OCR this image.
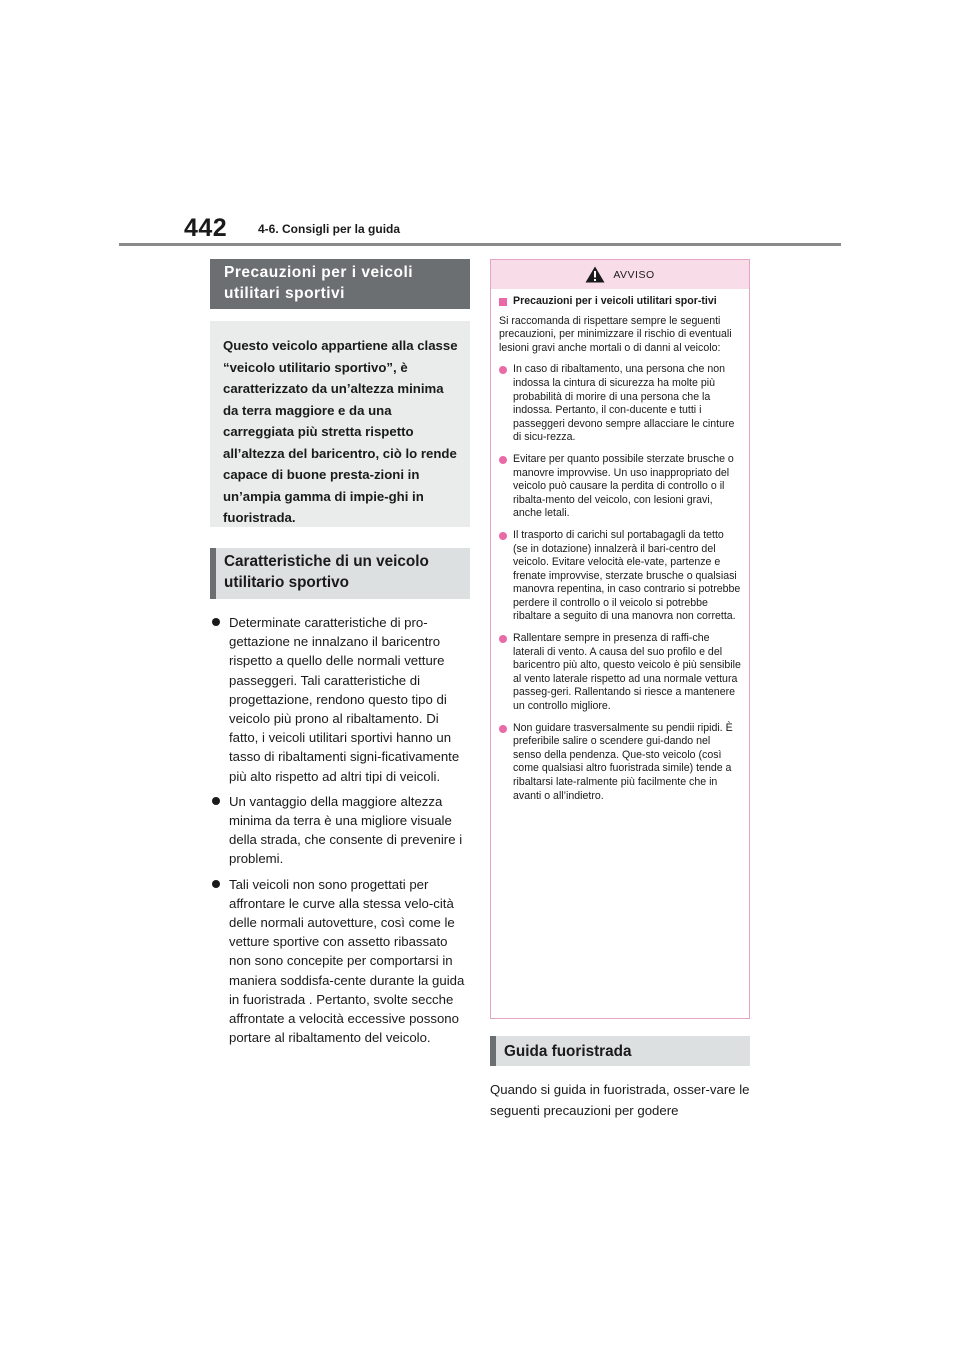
442	4-6. Consigli per la guida
Precauzioni per i veicoli utilitari sportivi
Questo veicolo appartiene alla classe “veicolo utilitario sportivo”, è caratterizzato da un’altezza minima da terra maggiore e da una carreggiata più stretta rispetto all’altezza del baricentro, ciò lo rende capace di buone presta-zioni in un’ampia gamma di impie-ghi in fuoristrada.
Caratteristiche di un veicolo utilitario sportivo
Determinate caratteristiche di pro-gettazione ne innalzano il baricentro rispetto a quello delle normali vetture passeggeri. Tali caratteristiche di progettazione, rendono questo tipo di veicolo più prono al ribaltamento. Di fatto, i veicoli utilitari sportivi hanno un tasso di ribaltamenti signi-ficativamente più alto rispetto ad altri tipi di veicoli.
Un vantaggio della maggiore altezza minima da terra è una migliore visuale della strada, che consente di prevenire i problemi.
Tali veicoli non sono progettati per affrontare le curve alla stessa velo-cità delle normali autovetture, così come le vetture sportive con assetto ribassato non sono concepite per comportarsi in maniera soddisfa-cente durante la guida in fuoristrada . Pertanto, svolte secche affrontate a velocità eccessive possono portare al ribaltamento del veicolo.
AVVISO
Precauzioni per i veicoli utilitari spor-tivi
Si raccomanda di rispettare sempre le seguenti precauzioni, per minimizzare il rischio di eventuali lesioni gravi anche mortali o di danni al veicolo:
In caso di ribaltamento, una persona che non indossa la cintura di sicurezza ha molte più probabilità di morire di una persona che la indossa. Pertanto, il con-ducente e tutti i passeggeri devono sempre allacciare le cinture di sicu-rezza.
Evitare per quanto possibile sterzate brusche o manovre improvvise. Un uso inappropriato del veicolo può causare la perdita di controllo o il ribalta-mento del veicolo, con lesioni gravi, anche letali.
Il trasporto di carichi sul portabagagli da tetto (se in dotazione) innalzerà il bari-centro del veicolo. Evitare velocità ele-vate, partenze e frenate improvvise, sterzate brusche o qualsiasi manovra repentina, in caso contrario si potrebbe perdere il controllo o il veicolo si potrebbe ribaltare a seguito di una manovra non corretta.
Rallentare sempre in presenza di raffi-che laterali di vento. A causa del suo profilo e del baricentro più alto, questo veicolo è più sensibile al vento laterale rispetto ad una normale vettura passeg-geri. Rallentando si riesce a mantenere un controllo migliore.
Non guidare trasversalmente su pendii ripidi. È preferibile salire o scendere gui-dando nel senso della pendenza. Que-sto veicolo (così come qualsiasi altro fuoristrada simile) tende a ribaltarsi late-ralmente più facilmente che in avanti o all’indietro.
Guida fuoristrada
Quando si guida in fuoristrada, osser-vare le seguenti precauzioni per godere
